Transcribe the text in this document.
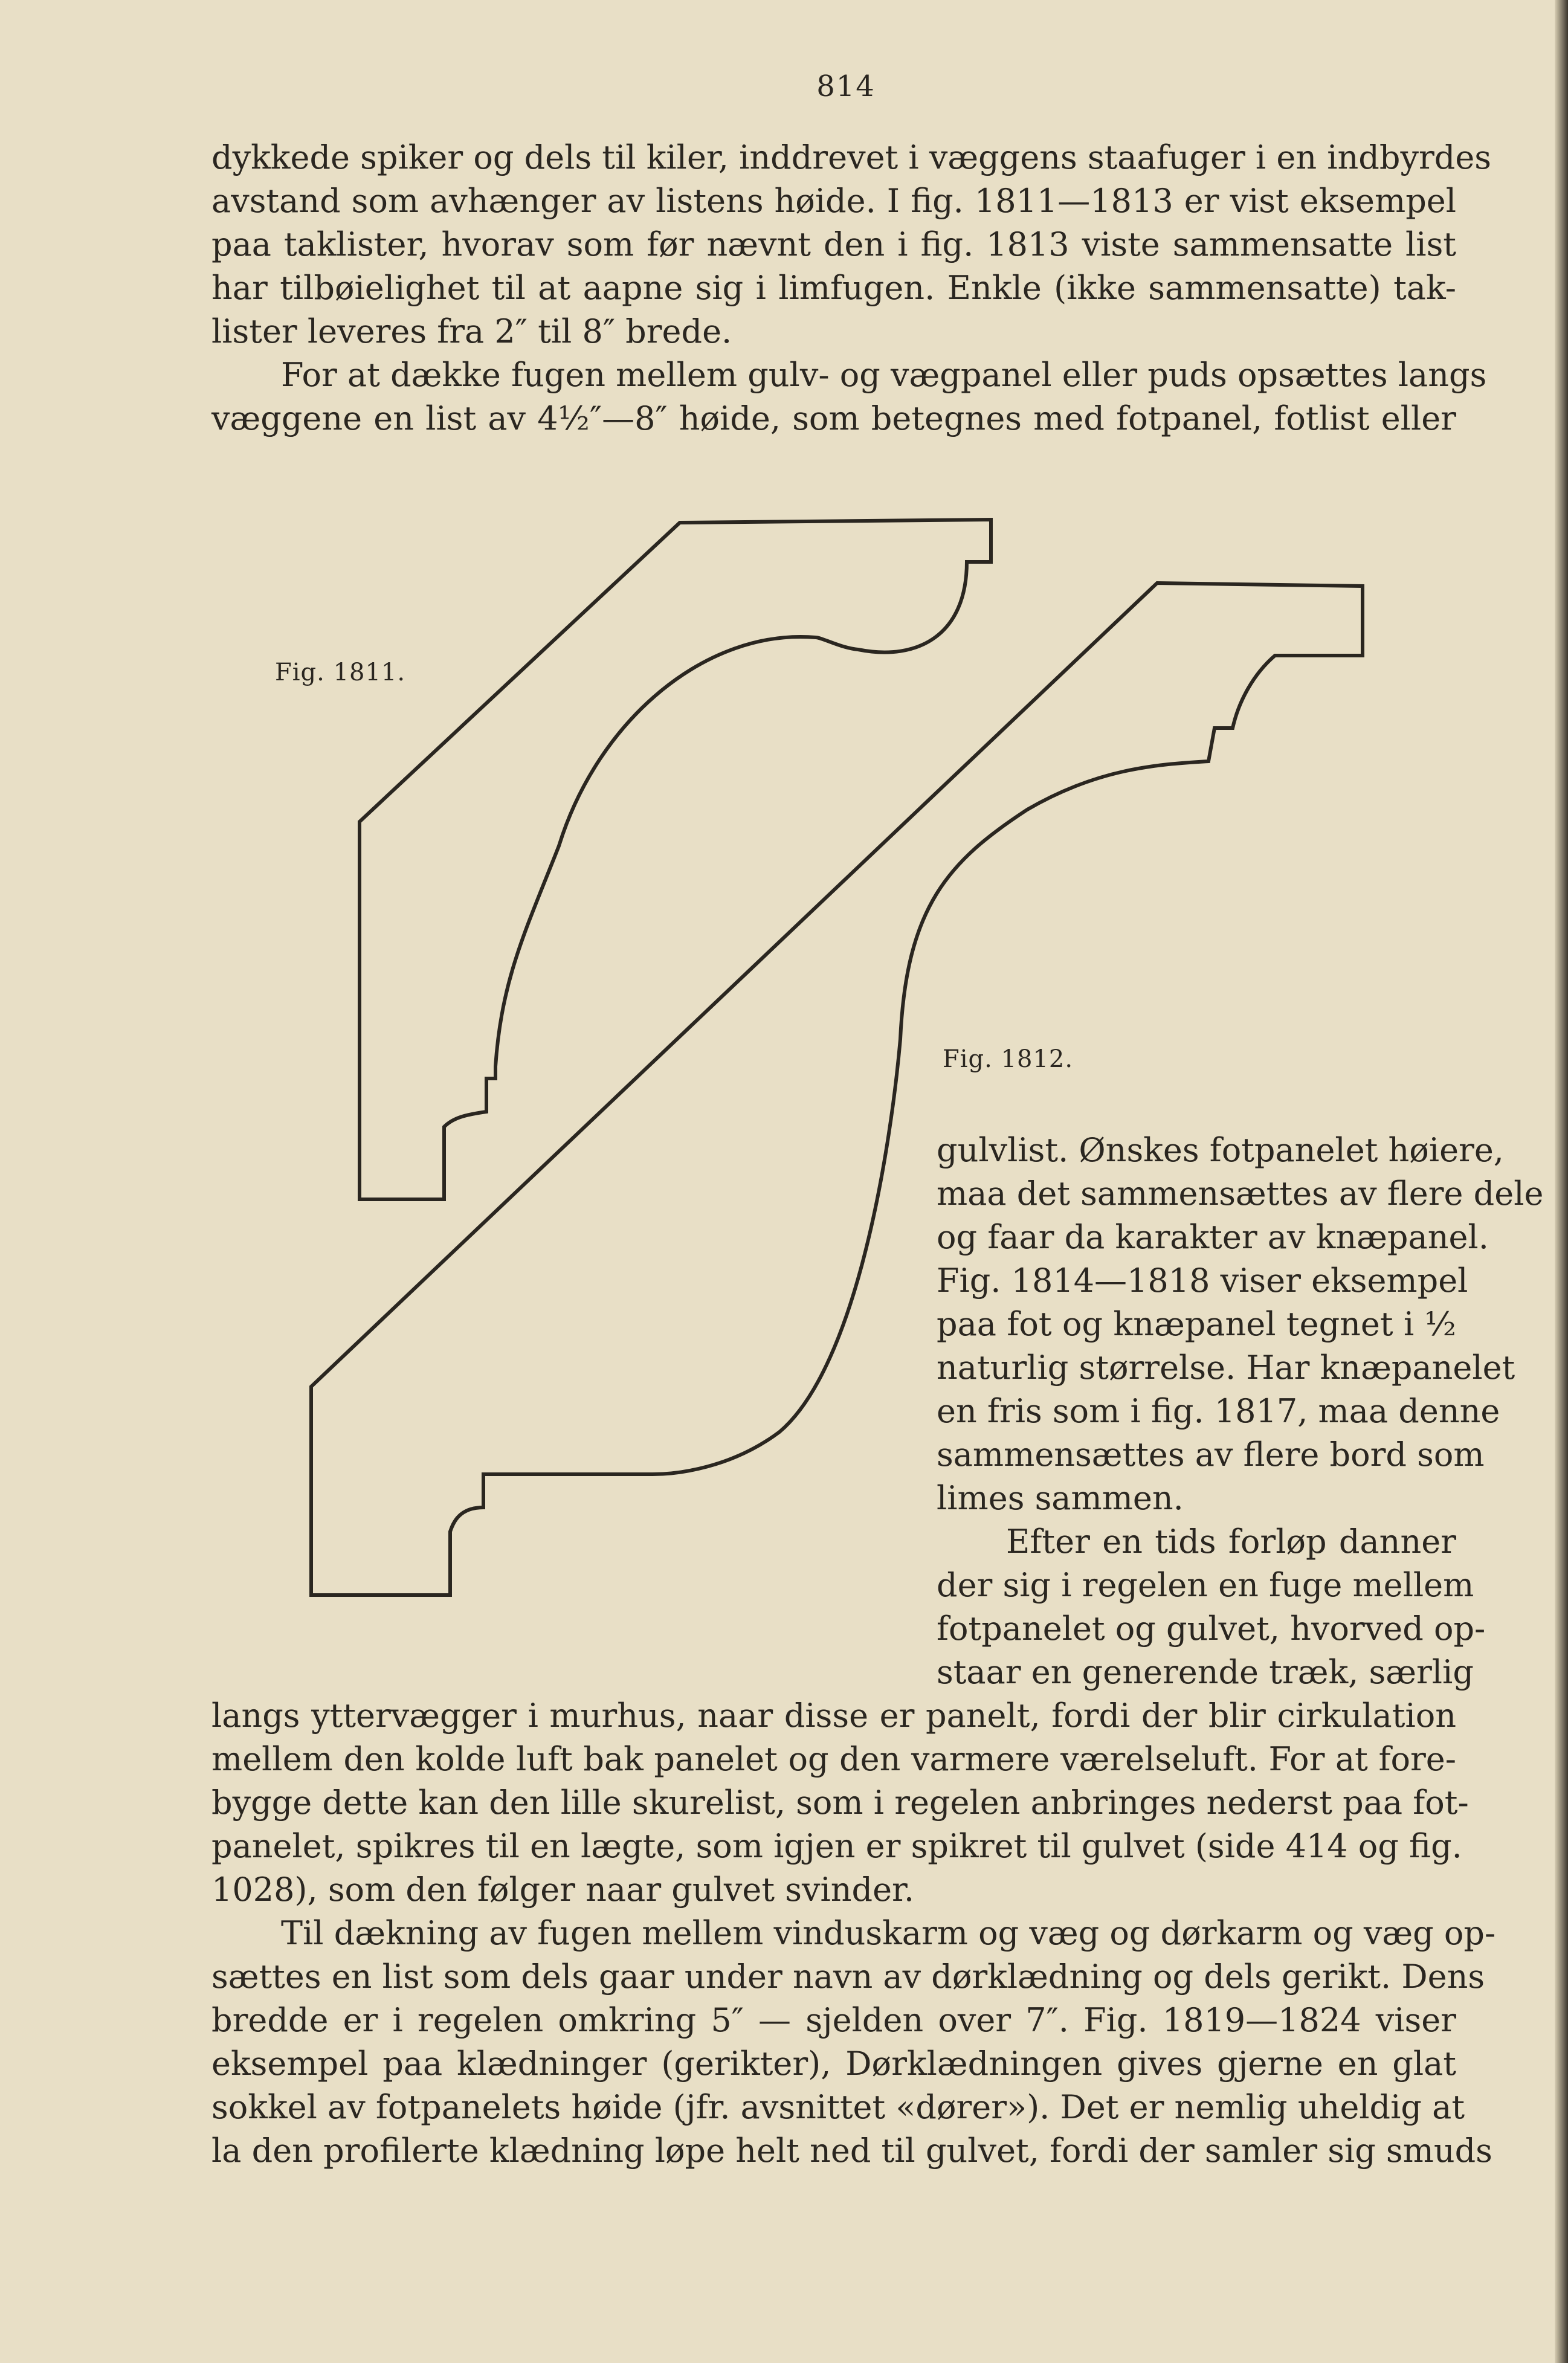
814
dykkede spiker og dels til kiler, inddrevet i væggens staafuger i en indbyrdes
avstand som avhænger av listens høide. I fig. 1811—1813 er vist eksempel
paa taklister, hvorav som før nævnt den i fig. 1813 viste sammensatte list
har tilbøielighet til at aapne sig i limfugen. Enkle (ikke sammensatte) tak-
lister leveres fra 2″ til 8″ brede.
For at dække fugen mellem gulv- og vægpanel eller puds opsættes langs
væggene en list av 4½″—8″ høide, som betegnes med fotpanel, fotlist eller
Fig. 1811.
Fig. 1812.
gulvlist. Ønskes fotpanelet høiere,
maa det sammensættes av flere dele
og faar da karakter av knæpanel.
Fig. 1814—1818 viser eksempel
paa fot og knæpanel tegnet i ½
naturlig størrelse. Har knæpanelet
en fris som i fig. 1817, maa denne
sammensættes av flere bord som
limes sammen.
Efter en tids forløp danner
der sig i regelen en fuge mellem
fotpanelet og gulvet, hvorved op-
staar en generende træk, særlig
langs yttervægger i murhus, naar disse er panelt, fordi der blir cirkulation
mellem den kolde luft bak panelet og den varmere værelseluft. For at fore-
bygge dette kan den lille skurelist, som i regelen anbringes nederst paa fot-
panelet, spikres til en lægte, som igjen er spikret til gulvet (side 414 og fig.
1028), som den følger naar gulvet svinder.
Til dækning av fugen mellem vinduskarm og væg og dørkarm og væg op-
sættes en list som dels gaar under navn av dørklædning og dels gerikt. Dens
bredde er i regelen omkring 5″ — sjelden over 7″. Fig. 1819—1824 viser
eksempel paa klædninger (gerikter), Dørklædningen gives gjerne en glat
sokkel av fotpanelets høide (jfr. avsnittet «dører»). Det er nemlig uheldig at
la den profilerte klædning løpe helt ned til gulvet, fordi der samler sig smuds
